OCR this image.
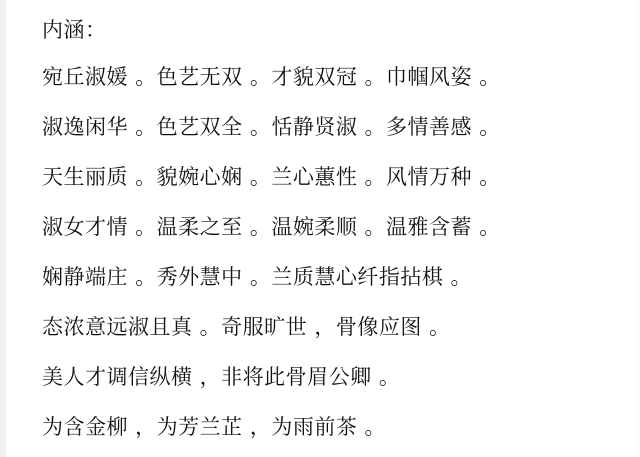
内涵：
宛丘淑媛 。色艺无双 。才貌双冠 。巾帼风姿 。
淑逸闲华 。色艺双全 。恬静贤淑 。多情善感 。
天生丽质 。貌婉心娴 。兰心蕙性 。风情万种 。
淑女才情 。温柔之至 。温婉柔顺 。温雅含蓄 。
娴静端庄 。秀外慧中 。兰质慧心纤指拈棋 。
态浓意远淑且真 。奇服旷世 ，骨像应图 。
美人才调信纵横 ，非将此骨眉公卿 。
为含金柳 ，为芳兰芷 ，为雨前茶 。
